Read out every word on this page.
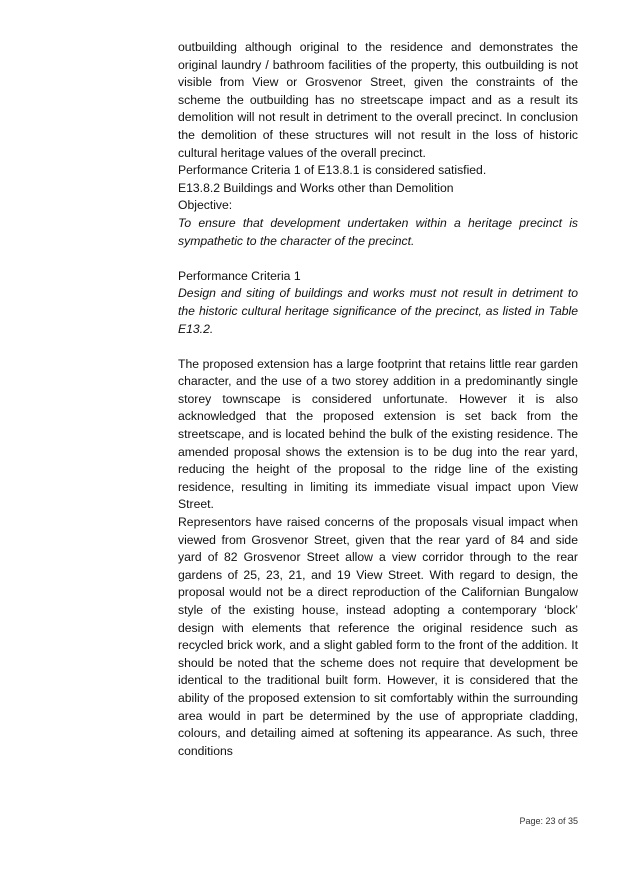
outbuilding although original to the residence and demonstrates the original laundry / bathroom facilities of the property, this outbuilding is not visible from View or Grosvenor Street, given the constraints of the scheme the outbuilding has no streetscape impact and as a result its demolition will not result in detriment to the overall precinct. In conclusion the demolition of these structures will not result in the loss of historic cultural heritage values of the overall precinct.

Performance Criteria 1 of E13.8.1 is considered satisfied.

E13.8.2 Buildings and Works other than Demolition

Objective:

To ensure that development undertaken within a heritage precinct is sympathetic to the character of the precinct.

Performance Criteria 1

Design and siting of buildings and works must not result in detriment to the historic cultural heritage significance of the precinct, as listed in Table E13.2.

The proposed extension has a large footprint that retains little rear garden character, and the use of a two storey addition in a predominantly single storey townscape is considered unfortunate. However it is also acknowledged that the proposed extension is set back from the streetscape, and is located behind the bulk of the existing residence. The amended proposal shows the extension is to be dug into the rear yard, reducing the height of the proposal to the ridge line of the existing residence, resulting in limiting its immediate visual impact upon View Street.

Representors have raised concerns of the proposals visual impact when viewed from Grosvenor Street, given that the rear yard of 84 and side yard of 82 Grosvenor Street allow a view corridor through to the rear gardens of 25, 23, 21, and 19 View Street. With regard to design, the proposal would not be a direct reproduction of the Californian Bungalow style of the existing house, instead adopting a contemporary ‘block’ design with elements that reference the original residence such as recycled brick work, and a slight gabled form to the front of the addition. It should be noted that the scheme does not require that development be identical to the traditional built form. However, it is considered that the ability of the proposed extension to sit comfortably within the surrounding area would in part be determined by the use of appropriate cladding, colours, and detailing aimed at softening its appearance. As such, three conditions

Page: 23 of 35
